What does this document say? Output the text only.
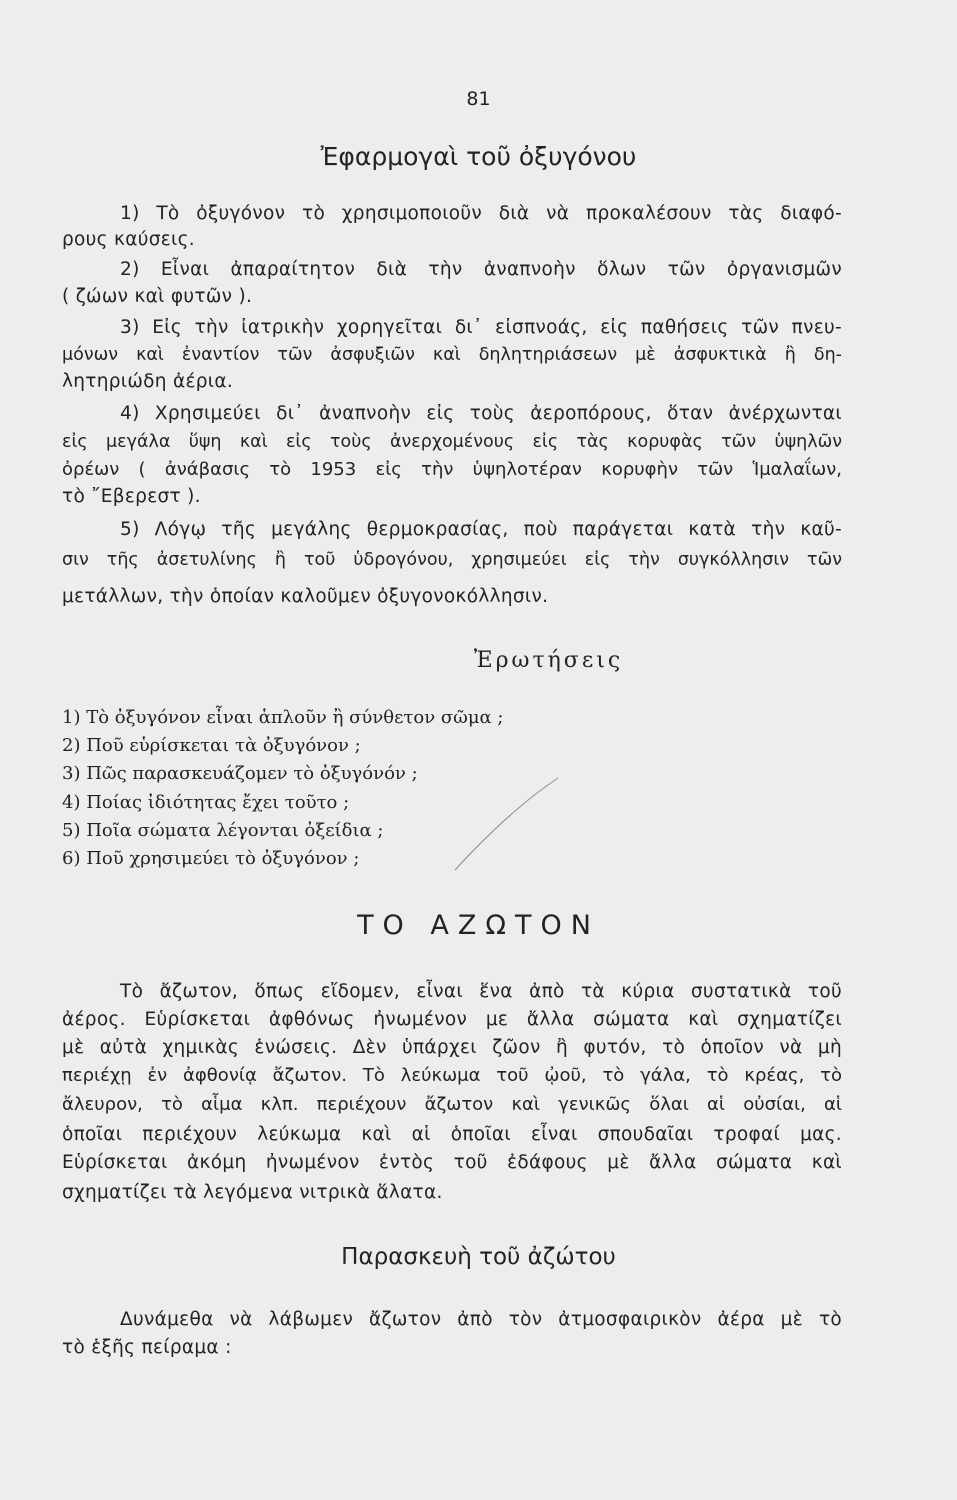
81
Ἐφαρμογαὶ τοῦ ὀξυγόνου
1) Τὸ ὀξυγόνον τὸ χρησιμοποιοῦν διὰ νὰ προκαλέσουν τὰς διαφό-
ρους καύσεις.
2) Εἶναι ἀπαραίτητον διὰ τὴν ἀναπνοὴν ὅλων τῶν ὀργανισμῶν
( ζώων καὶ φυτῶν ).
3) Εἰς τὴν ἰατρικὴν χορηγεῖται δι᾽ εἰσπνοάς, εἰς παθήσεις τῶν πνευ-
μόνων καὶ ἐναντίον τῶν ἀσφυξιῶν καὶ δηλητηριάσεων μὲ ἀσφυκτικὰ ἢ δη-
λητηριώδη ἀέρια.
4) Χρησιμεύει δι᾽ ἀναπνοὴν εἰς τοὺς ἀεροπόρους, ὅταν ἀνέρχωνται
εἰς μεγάλα ὕψη καὶ εἰς τοὺς ἀνερχομένους εἰς τὰς κορυφὰς τῶν ὑψηλῶν
ὀρέων ( ἀνάβασις τὸ 1953 εἰς τὴν ὑψηλοτέραν κορυφὴν τῶν Ἱμαλαΐων,
τὸ ῎Εβερεστ ).
5) Λόγῳ τῆς μεγάλης θερμοκρασίας, ποὺ παράγεται κατὰ τὴν καῦ-
σιν τῆς ἀσετυλίνης ἢ τοῦ ὑδρογόνου, χρησιμεύει εἰς τὴν συγκόλλησιν τῶν
μετάλλων, τὴν ὁποίαν καλοῦμεν ὀξυγονοκόλλησιν.
Ἐρωτήσεις
1) Τὸ ὀξυγόνον εἶναι ἁπλοῦν ἢ σύνθετον σῶμα ;
2) Ποῦ εὑρίσκεται τὰ ὀξυγόνον ;
3) Πῶς παρασκευάζομεν τὸ ὀξυγόνόν ;
4) Ποίας ἰδιότητας ἔχει τοῦτο ;
5) Ποῖα σώματα λέγονται ὀξείδια ;
6) Ποῦ χρησιμεύει τὸ ὀξυγόνον ;
ΤΟ ΑΖΩΤΟΝ
Τὸ ἄζωτον, ὅπως εἴδομεν, εἶναι ἕνα ἀπὸ τὰ κύρια συστατικὰ τοῦ
ἀέρος. Εὑρίσκεται ἀφθόνως ἠνωμένον με ἄλλα σώματα καὶ σχηματίζει
μὲ αὐτὰ χημικὰς ἑνώσεις. Δὲν ὑπάρχει ζῶον ἢ φυτόν, τὸ ὁποῖον νὰ μὴ
περιέχῃ ἐν ἀφθονίᾳ ἄζωτον. Τὸ λεύκωμα τοῦ ᾠοῦ, τὸ γάλα, τὸ κρέας, τὸ
ἄλευρον, τὸ αἷμα κλπ. περιέχουν ἄζωτον καὶ γενικῶς ὅλαι αἱ οὐσίαι, αἱ
ὁποῖαι περιέχουν λεύκωμα καὶ αἱ ὁποῖαι εἶναι σπουδαῖαι τροφαί μας.
Εὑρίσκεται ἀκόμη ἠνωμένον ἐντὸς τοῦ ἐδάφους μὲ ἄλλα σώματα καὶ
σχηματίζει τὰ λεγόμενα νιτρικὰ ἅλατα.
Παρασκευὴ τοῦ ἀζώτου
Δυνάμεθα νὰ λάβωμεν ἄζωτον ἀπὸ τὸν ἀτμοσφαιρικὸν ἀέρα μὲ τὸ
τὸ ἑξῆς πείραμα :
